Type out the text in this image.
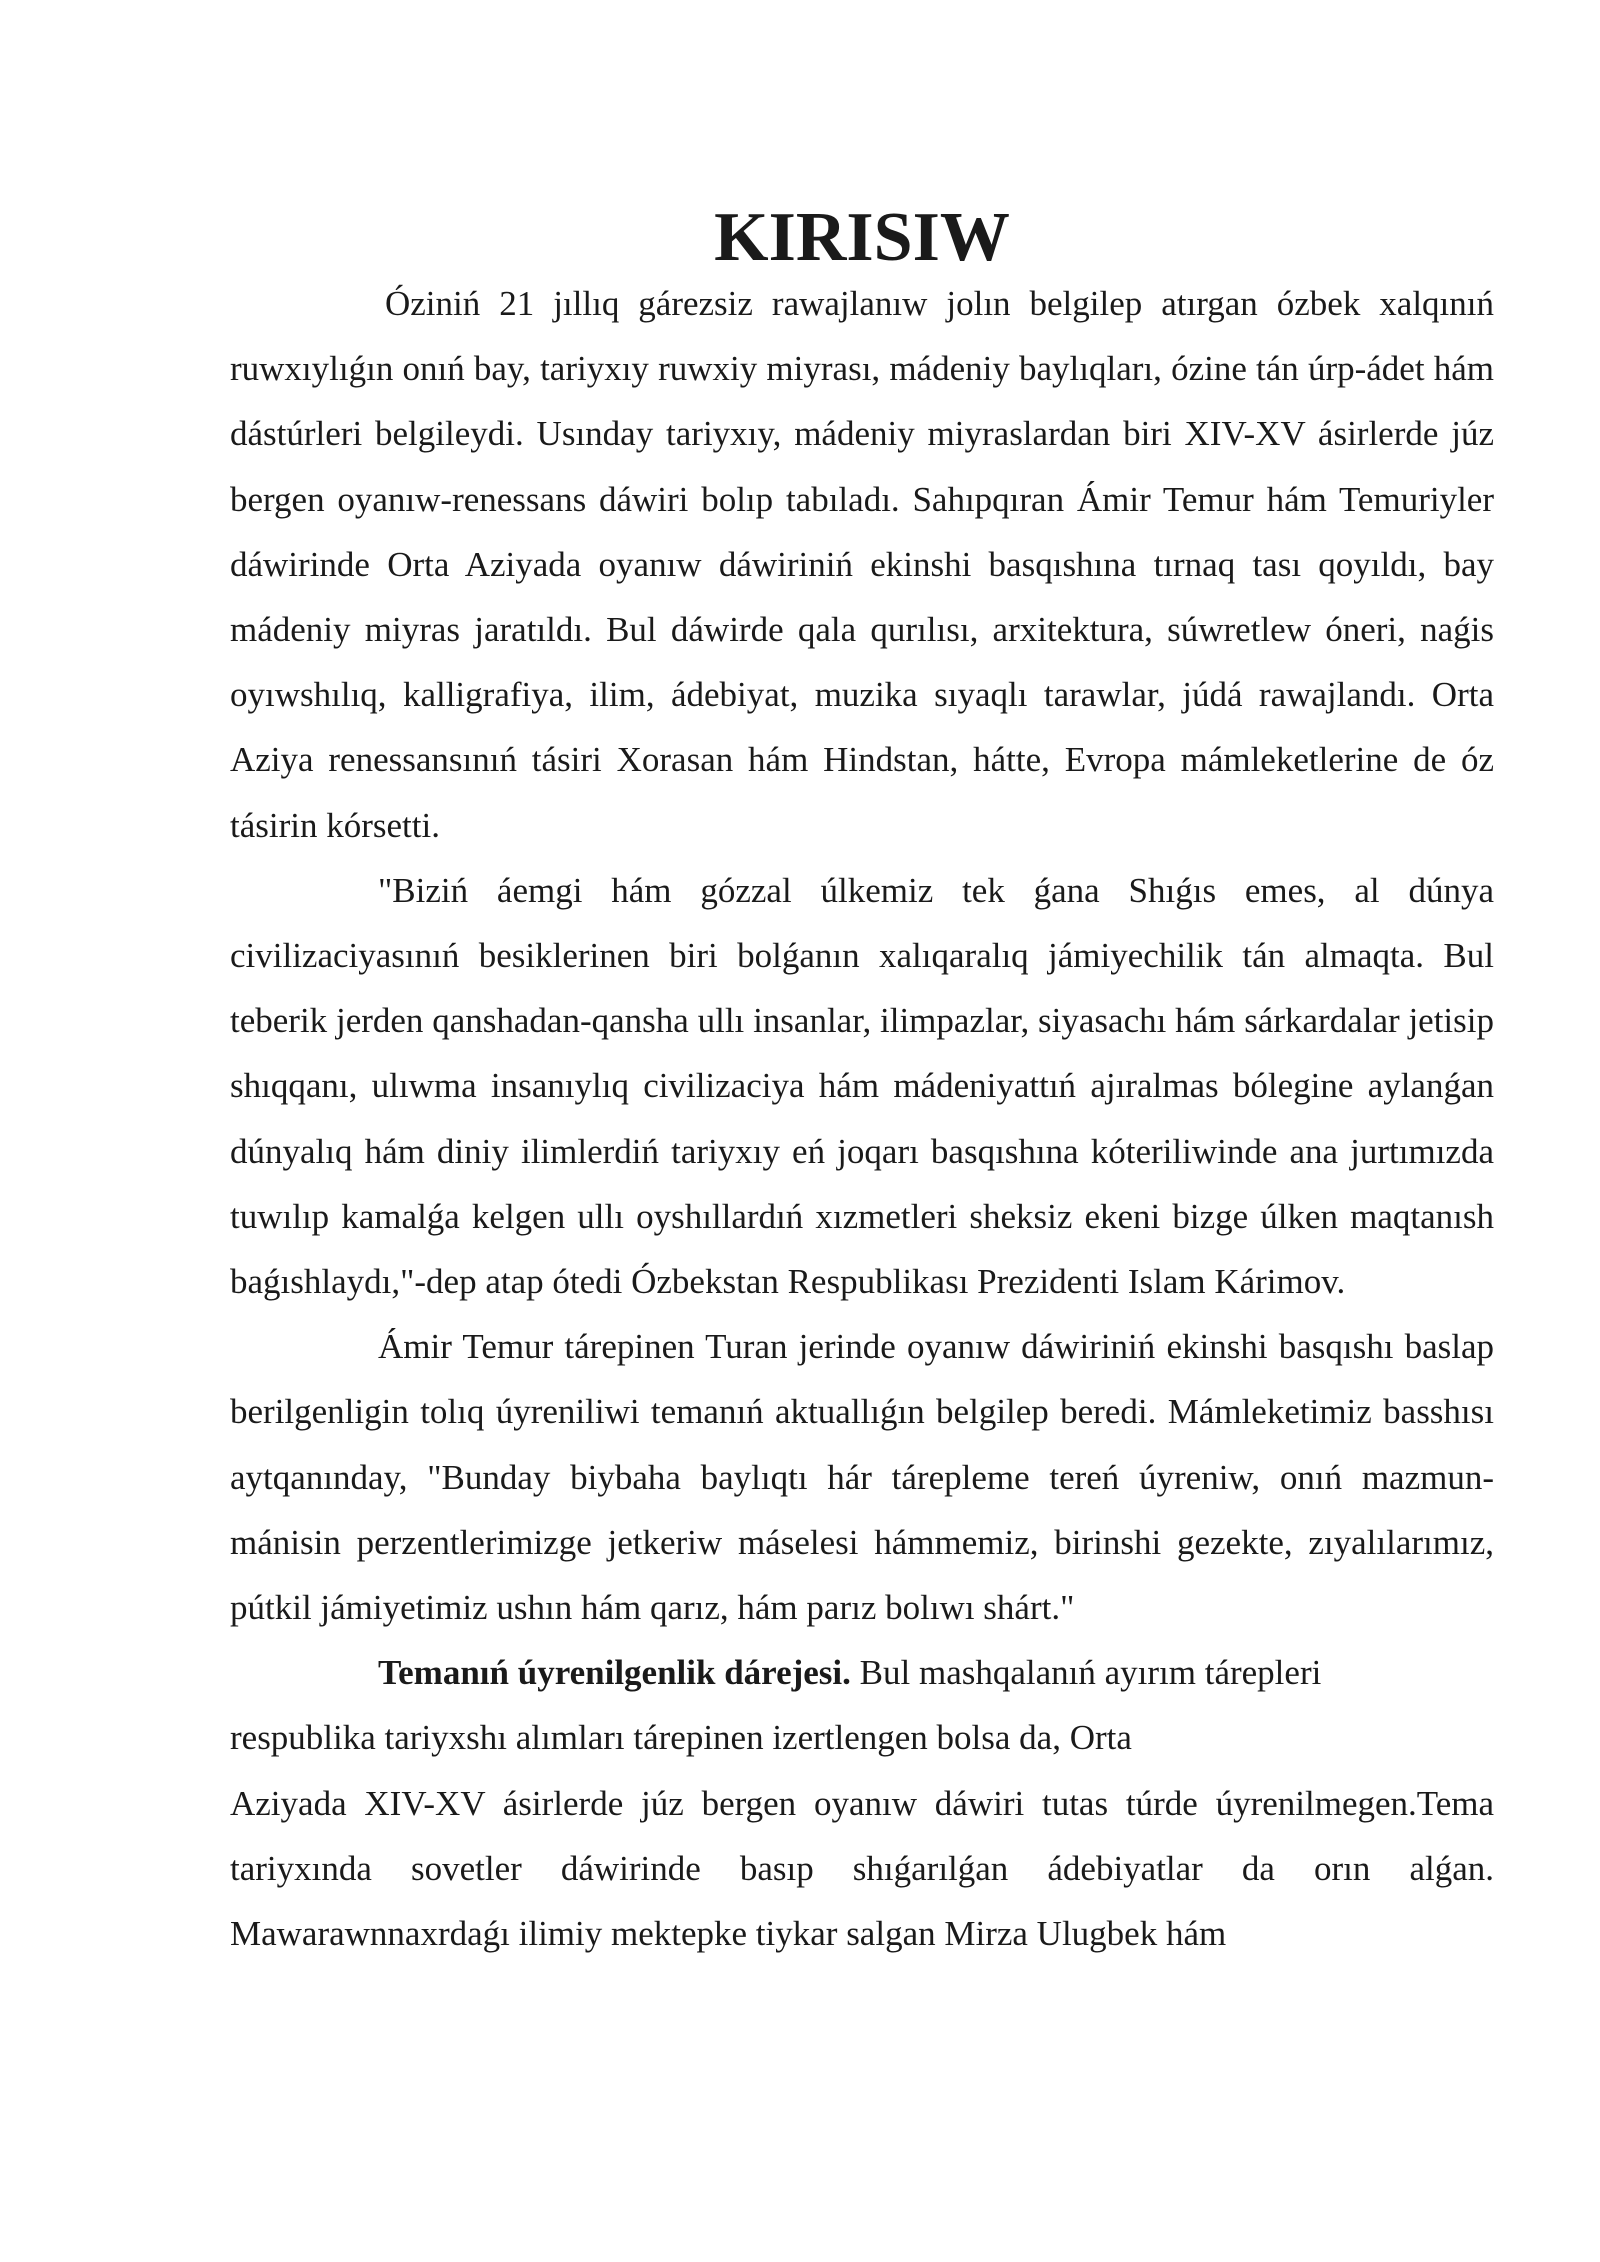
KIRISIW

Óziniń 21 jıllıq gárezsiz rawajlanıw jolın belgilep atırgan ózbek xalqınıń ruwxıylıǵın onıń bay, tariyxıy ruwxiy miyrası, mádeniy baylıqları, ózine tán úrp-ádet hám dástúrleri belgileydi. Usınday tariyxıy, mádeniy miyraslardan biri XIV-XV ásirlerde júz bergen oyanıw-renessans dáwiri bolıp tabıladı. Sahıpqıran Ámir Temur hám Temuriyler dáwirinde Orta Aziyada oyanıw dáwiriniń ekinshi basqıshına tırnaq tası qoyıldı, bay mádeniy miyras jaratıldı. Bul dáwirde qala qurılısı, arxitektura, súwretlew óneri, naǵis oyıwshılıq, kalligrafiya, ilim, ádebiyat, muzika sıyaqlı tarawlar, júdá rawajlandı. Orta Aziya renessansınıń tásiri Xorasan hám Hindstan, hátte, Evropa mámleketlerine de óz tásirin kórsetti.

"Biziń áemgi hám gózzal úlkemiz tek ǵana Shıǵıs emes, al dúnya civilizaciyasınıń besiklerinen biri bolǵanın xalıqaralıq jámiyechilik tán almaqta. Bul teberik jerden qanshadan-qansha ullı insanlar, ilimpazlar, siyasachı hám sárkardalar jetisip shıqqanı, ulıwma insanıylıq civilizaciya hám mádeniyattıń ajıralmas bólegine aylanǵan dúnyalıq hám diniy ilimlerdiń tariyxıy eń joqarı basqıshına kóteriliwinde ana jurtımızda tuwılıp kamalǵa kelgen ullı oyshıllardıń xızmetleri sheksiz ekeni bizge úlken maqtanısh baǵıshlaydı,"-dep atap ótedi Ózbekstan Respublikası Prezidenti Islam Kárimov.

Ámir Temur tárepinen Turan jerinde oyanıw dáwiriniń ekinshi basqıshı baslap berilgenligin tolıq úyreniliwi temanıń aktuallıǵın belgilep beredi. Mámleketimiz basshısı aytqanınday, "Bunday biybaha baylıqtı hár tárepleme tereń úyreniw, onıń mazmun-mánisin perzentlerimizge jetkeriw máselesi hámmemiz, birinshi gezekte, zıyalılarımız, pútkil jámiyetimiz ushın hám qarız, hám parız bolıwı shárt."

Temanıń úyrenilgenlik dárejesi. Bul mashqalanıń ayırım tárepleri
respublika tariyxshı alımları tárepinen izertlengen bolsa da, Orta

Aziyada XIV-XV ásirlerde júz bergen oyanıw dáwiri tutas túrde úyrenilmegen.Tema tariyxında sovetler dáwirinde basıp shıǵarılǵan ádebiyatlar da orın alǵan. Mawarawnnaxrdaǵı ilimiy mektepke tiykar salgan Mirza Ulugbek hám
